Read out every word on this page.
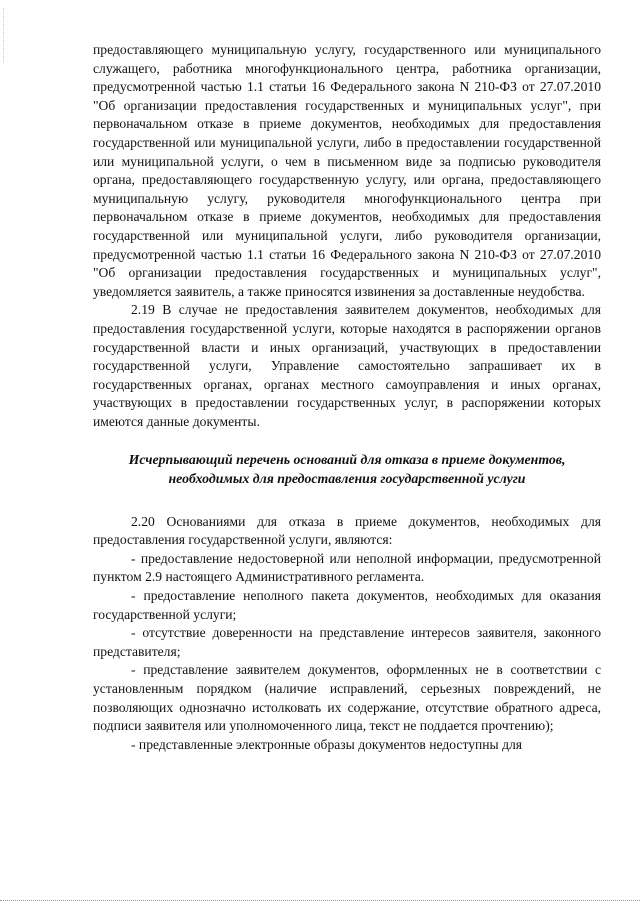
предоставляющего муниципальную услугу, государственного или муниципального служащего, работника многофункционального центра, работника организации, предусмотренной частью 1.1 статьи 16 Федерального закона N 210-ФЗ от 27.07.2010 "Об организации предоставления государственных и муниципальных услуг", при первоначальном отказе в приеме документов, необходимых для предоставления государственной или муниципальной услуги, либо в предоставлении государственной или муниципальной услуги, о чем в письменном виде за подписью руководителя органа, предоставляющего государственную услугу, или органа, предоставляющего муниципальную услугу, руководителя многофункционального центра при первоначальном отказе в приеме документов, необходимых для предоставления государственной или муниципальной услуги, либо руководителя организации, предусмотренной частью 1.1 статьи 16 Федерального закона N 210-ФЗ от 27.07.2010 "Об организации предоставления государственных и муниципальных услуг", уведомляется заявитель, а также приносятся извинения за доставленные неудобства.

2.19 В случае не предоставления заявителем документов, необходимых для предоставления государственной услуги, которые находятся в распоряжении органов государственной власти и иных организаций, участвующих в предоставлении государственной услуги, Управление самостоятельно запрашивает их в государственных органах, органах местного самоуправления и иных органах, участвующих в предоставлении государственных услуг, в распоряжении которых имеются данные документы.

Исчерпывающий перечень оснований для отказа в приеме документов, необходимых для предоставления государственной услуги

2.20 Основаниями для отказа в приеме документов, необходимых для предоставления государственной услуги, являются:

- предоставление недостоверной или неполной информации, предусмотренной пунктом 2.9 настоящего Административного регламента.

- предоставление неполного пакета документов, необходимых для оказания государственной услуги;

- отсутствие доверенности на представление интересов заявителя, законного представителя;

- представление заявителем документов, оформленных не в соответствии с установленным порядком (наличие исправлений, серьезных повреждений, не позволяющих однозначно истолковать их содержание, отсутствие обратного адреса, подписи заявителя или уполномоченного лица, текст не поддается прочтению);

- представленные электронные образы документов недоступны для
